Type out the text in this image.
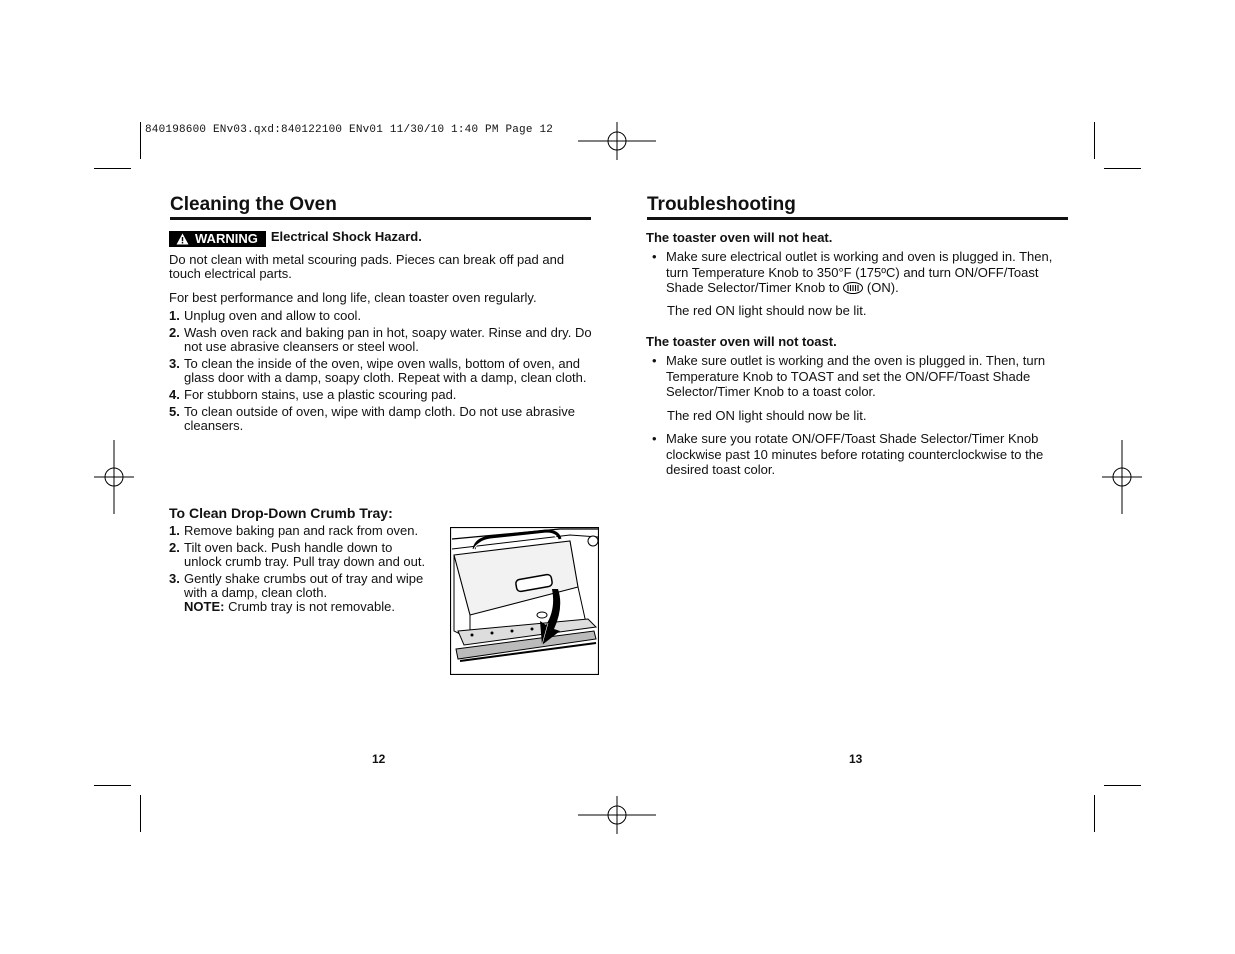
840198600 ENv03.qxd:840122100 ENv01 11/30/10 1:40 PM Page 12
Cleaning the Oven
WARNING Electrical Shock Hazard.
Do not clean with metal scouring pads. Pieces can break off pad and touch electrical parts.
For best performance and long life, clean toaster oven regularly.
1. Unplug oven and allow to cool.
2. Wash oven rack and baking pan in hot, soapy water. Rinse and dry. Do not use abrasive cleansers or steel wool.
3. To clean the inside of the oven, wipe oven walls, bottom of oven, and glass door with a damp, soapy cloth. Repeat with a damp, clean cloth.
4. For stubborn stains, use a plastic scouring pad.
5. To clean outside of oven, wipe with damp cloth. Do not use abrasive cleansers.
To Clean Drop-Down Crumb Tray:
1. Remove baking pan and rack from oven.
2. Tilt oven back. Push handle down to unlock crumb tray. Pull tray down and out.
3. Gently shake crumbs out of tray and wipe with a damp, clean cloth.
NOTE: Crumb tray is not removable.
12
Troubleshooting
The toaster oven will not heat.
• Make sure electrical outlet is working and oven is plugged in. Then, turn Temperature Knob to 350°F (175ºC) and turn ON/OFF/Toast Shade Selector/Timer Knob to (ON).
The red ON light should now be lit.
The toaster oven will not toast.
• Make sure outlet is working and the oven is plugged in. Then, turn Temperature Knob to TOAST and set the ON/OFF/Toast Shade Selector/Timer Knob to a toast color.
The red ON light should now be lit.
• Make sure you rotate ON/OFF/Toast Shade Selector/Timer Knob clockwise past 10 minutes before rotating counterclockwise to the desired toast color.
13
